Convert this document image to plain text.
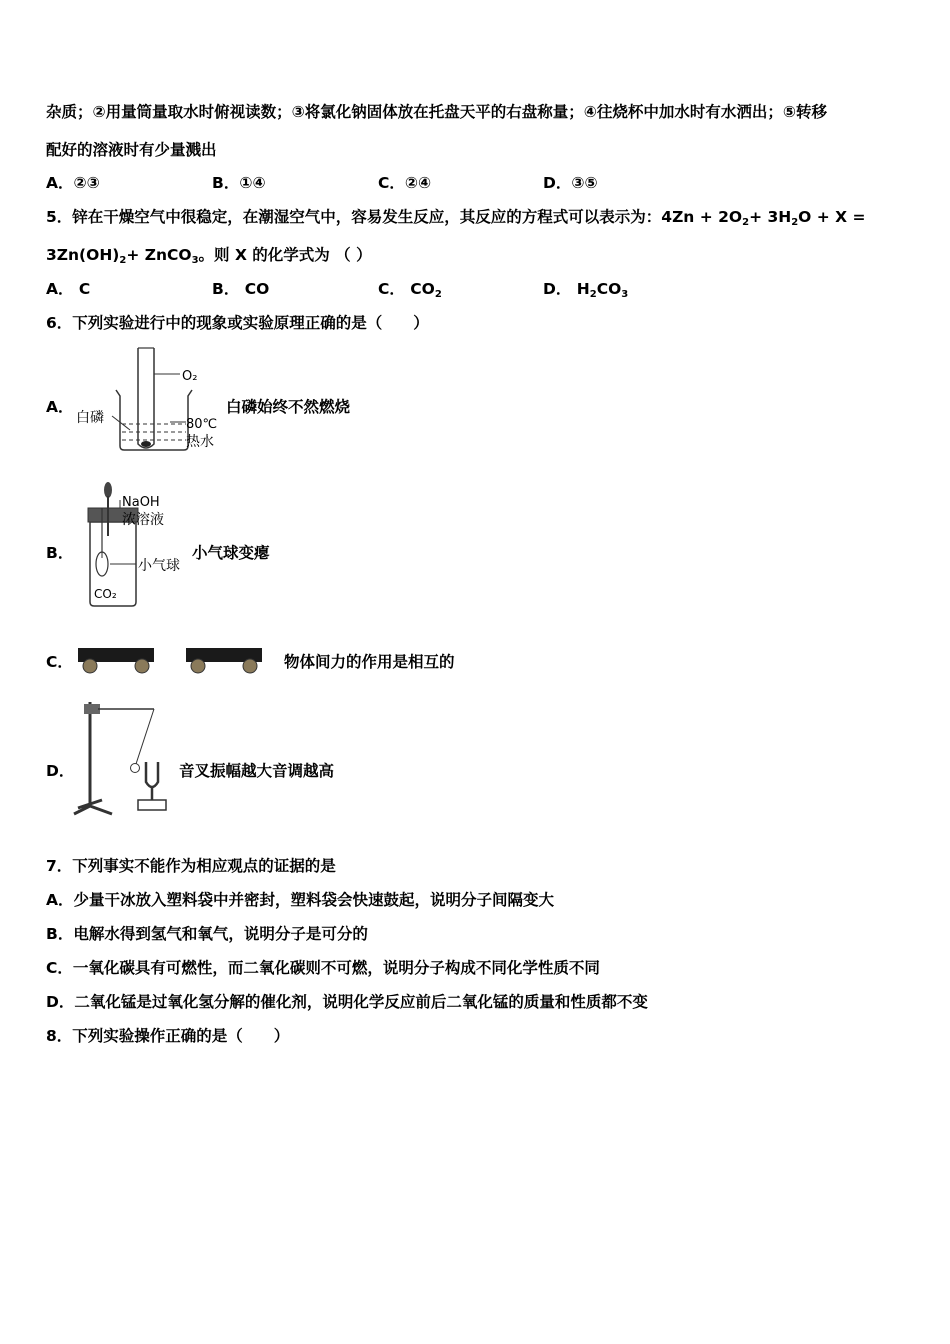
杂质；②用量筒量取水时俯视读数；③将氯化钠固体放在托盘天平的右盘称量；④往烧杯中加水时有水洒出；⑤转移
配好的溶液时有少量溅出
A．②③	B．①④	C．②④	D．③⑤
5．锌在干燥空气中很稳定，在潮湿空气中，容易发生反应，其反应的方程式可以表示为：$4Zn + 2O_2+ 3H_2O + X$ =
$3Zn(OH)_2+$ ZnCO$_3$。则 X 的化学式为 （ ）
A． C	B． CO	C． $CO_2$	D． $H_2CO_3$
6．下列实验进行中的现象或实验原理正确的是（　　）
A．
O₂
白磷	80℃
热水
白磷始终不然燃烧
B．
NaOH
浓溶液
小气球
CO₂
小气球变瘪
C．	物体间力的作用是相互的
D．	音叉振幅越大音调越高
7．下列事实不能作为相应观点的证据的是
A．少量干冰放入塑料袋中并密封，塑料袋会快速鼓起，说明分子间隔变大
B．电解水得到氢气和氧气，说明分子是可分的
C．一氧化碳具有可燃性，而二氧化碳则不可燃，说明分子构成不同化学性质不同
D．二氧化锰是过氧化氢分解的催化剂，说明化学反应前后二氧化锰的质量和性质都不变
8．下列实验操作正确的是（　　）
